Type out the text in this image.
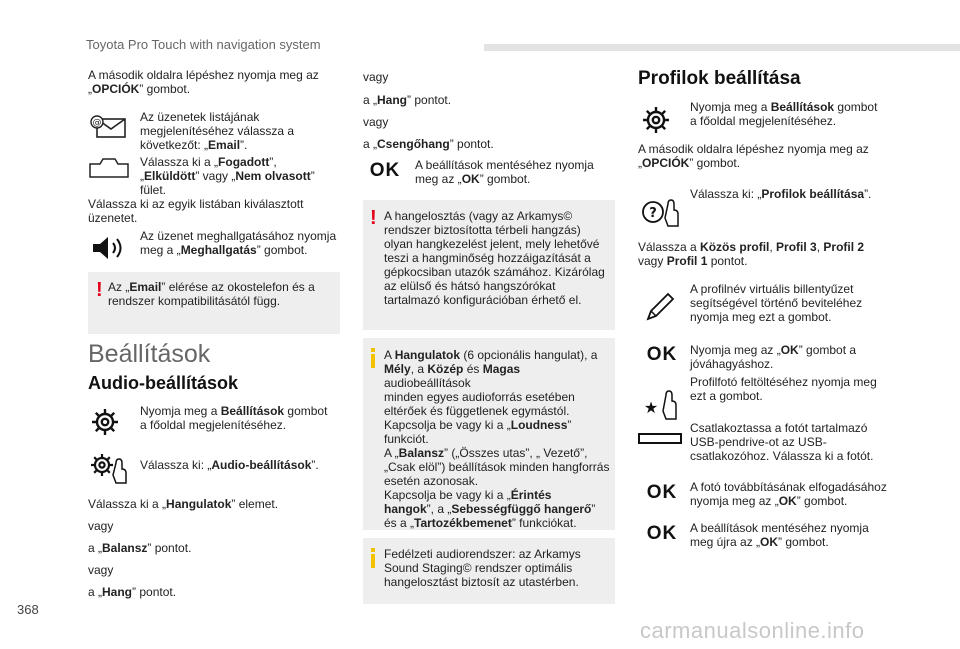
Toyota Pro Touch with navigation system
368
carmanualsonline.info

A második oldalra lépéshez nyomja meg az „OPCIÓK” gombot.

@	Az üzenetek listájának megjelenítéséhez válassza a következőt: „Email”.

Válassza ki a „Fogadott”, „Elküldött” vagy „Nem olvasott” fület.

Válassza ki az egyik listában kiválasztott üzenetet.

Az üzenet meghallgatásához nyomja meg a „Meghallgatás” gombot.

! Az „Email” elérése az okostelefon és a rendszer kompatibilitásától függ.

Beállítások
Audio-beállítások

Nyomja meg a Beállítások gombot a főoldal megjelenítéséhez.

Válassza ki: „Audio-beállítások”.

Válassza ki a „Hangulatok” elemet.

vagy

a „Balansz” pontot.

vagy

a „Hang” pontot.

vagy

a „Hang” pontot.

vagy

a „Csengőhang” pontot.

OK	A beállítások mentéséhez nyomja meg az „OK” gombot.

! A hangelosztás (vagy az Arkamys© rendszer biztosította térbeli hangzás) olyan hangkezelést jelent, mely lehetővé teszi a hangminőség hozzáigazítását a gépkocsiban utazók számához. Kizárólag az elülső és hátsó hangszórókat tartalmazó konfigurációban érhető el.

A Hangulatok (6 opcionális hangulat), a

Mély, a Közép és Magas audiobeállítások

minden egyes audioforrás esetében

eltérőek és függetlenek egymástól.

Kapcsolja be vagy ki a „Loudness”

funkciót.

A „Balansz” („Összes utas”, „ Vezető”,

„Csak elöl”) beállítások minden hangforrás

esetén azonosak.

Kapcsolja be vagy ki a „Érintés

hangok”, a „Sebességfüggő hangerő”

és a „Tartozékbemenet” funkciókat.

Fedélzeti audiorendszer: az Arkamys Sound Staging© rendszer optimális hangelosztást biztosít az utastérben.

Profilok beállítása

Nyomja meg a Beállítások gombot a főoldal megjelenítéséhez.

A második oldalra lépéshez nyomja meg az „OPCIÓK” gombot.

?

Válassza ki: „Profilok beállítása”.

Válassza a Közös profil, Profil 3, Profil 2 vagy Profil 1 pontot.

A profilnév virtuális billentyűzet segítségével történő beviteléhez nyomja meg ezt a gombot.

OK	Nyomja meg az „OK” gombot a jóváhagyáshoz.

★

Profilfotó feltöltéséhez nyomja meg ezt a gombot.

Csatlakoztassa a fotót tartalmazó USB-pendrive-ot az USB-csatlakozóhoz. Válassza ki a fotót.

OK	A fotó továbbításának elfogadásához nyomja meg az „OK” gombot.

OK	A beállítások mentéséhez nyomja meg újra az „OK” gombot.
